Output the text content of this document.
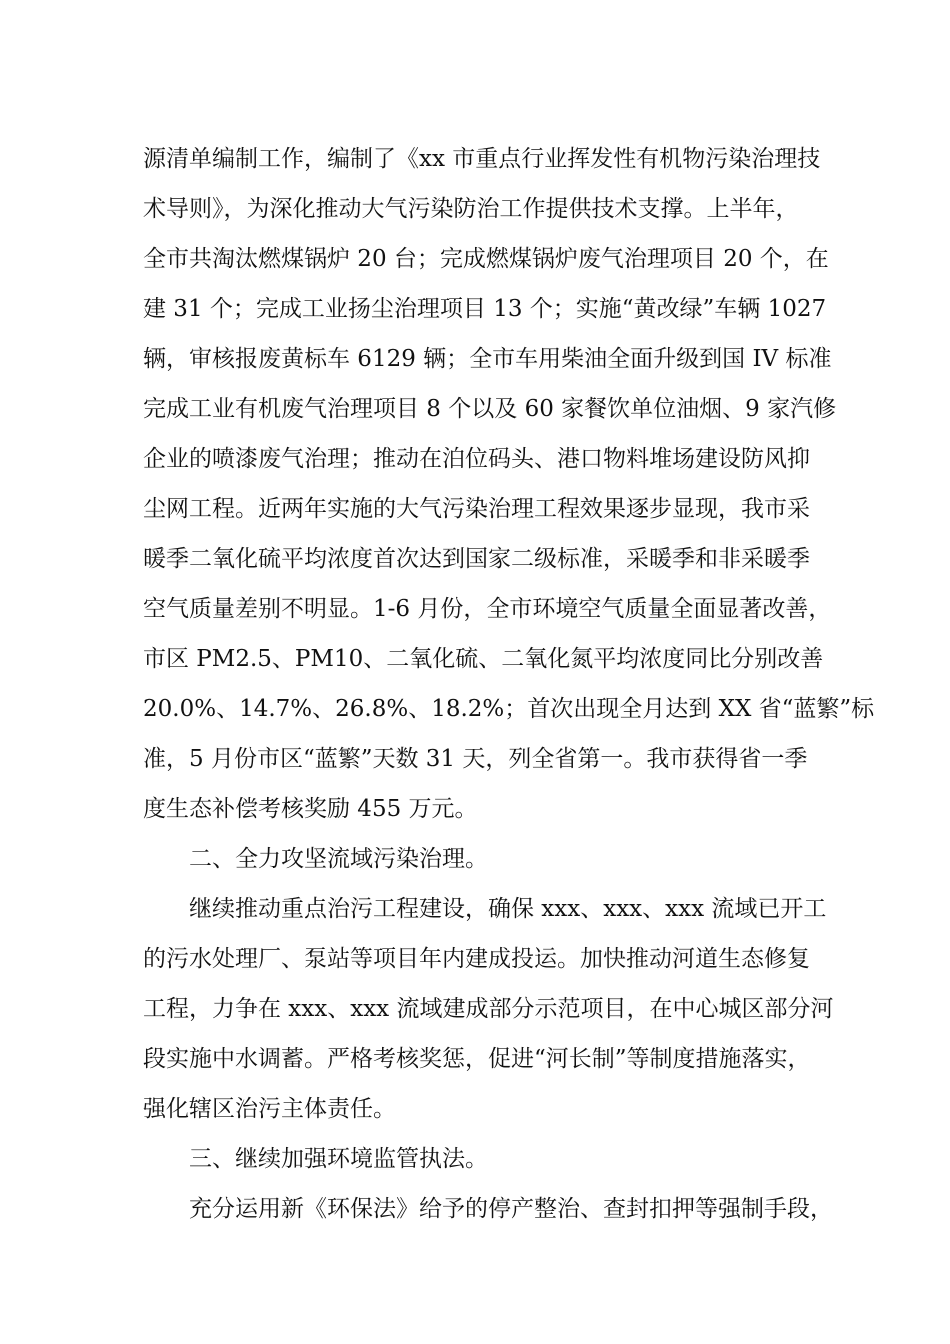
源清单编制工作，编制了《xx 市重点行业挥发性有机物污染治理技
术导则》，为深化推动大气污染防治工作提供技术支撑。上半年，
全市共淘汰燃煤锅炉 20 台；完成燃煤锅炉废气治理项目 20 个，在
建 31 个；完成工业扬尘治理项目 13 个；实施“黄改绿”车辆 1027
辆，审核报废黄标车 6129 辆；全市车用柴油全面升级到国 IV 标准
完成工业有机废气治理项目 8 个以及 60 家餐饮单位油烟、9 家汽修
企业的喷漆废气治理；推动在泊位码头、港口物料堆场建设防风抑
尘网工程。近两年实施的大气污染治理工程效果逐步显现，我市采
暖季二氧化硫平均浓度首次达到国家二级标准，采暖季和非采暖季
空气质量差别不明显。1-6 月份，全市环境空气质量全面显著改善，
市区 PM2.5、PM10、二氧化硫、二氧化氮平均浓度同比分别改善
20.0%、14.7%、26.8%、18.2%；首次出现全月达到 XX 省“蓝繁”标
准，5 月份市区“蓝繁”天数 31 天，列全省第一。我市获得省一季
度生态补偿考核奖励 455 万元。
二、全力攻坚流域污染治理。
继续推动重点治污工程建设，确保 xxx、xxx、xxx 流域已开工
的污水处理厂、泵站等项目年内建成投运。加快推动河道生态修复
工程，力争在 xxx、xxx 流域建成部分示范项目，在中心城区部分河
段实施中水调蓄。严格考核奖惩，促进“河长制”等制度措施落实，
强化辖区治污主体责任。
三、继续加强环境监管执法。
充分运用新《环保法》给予的停产整治、查封扣押等强制手段，
